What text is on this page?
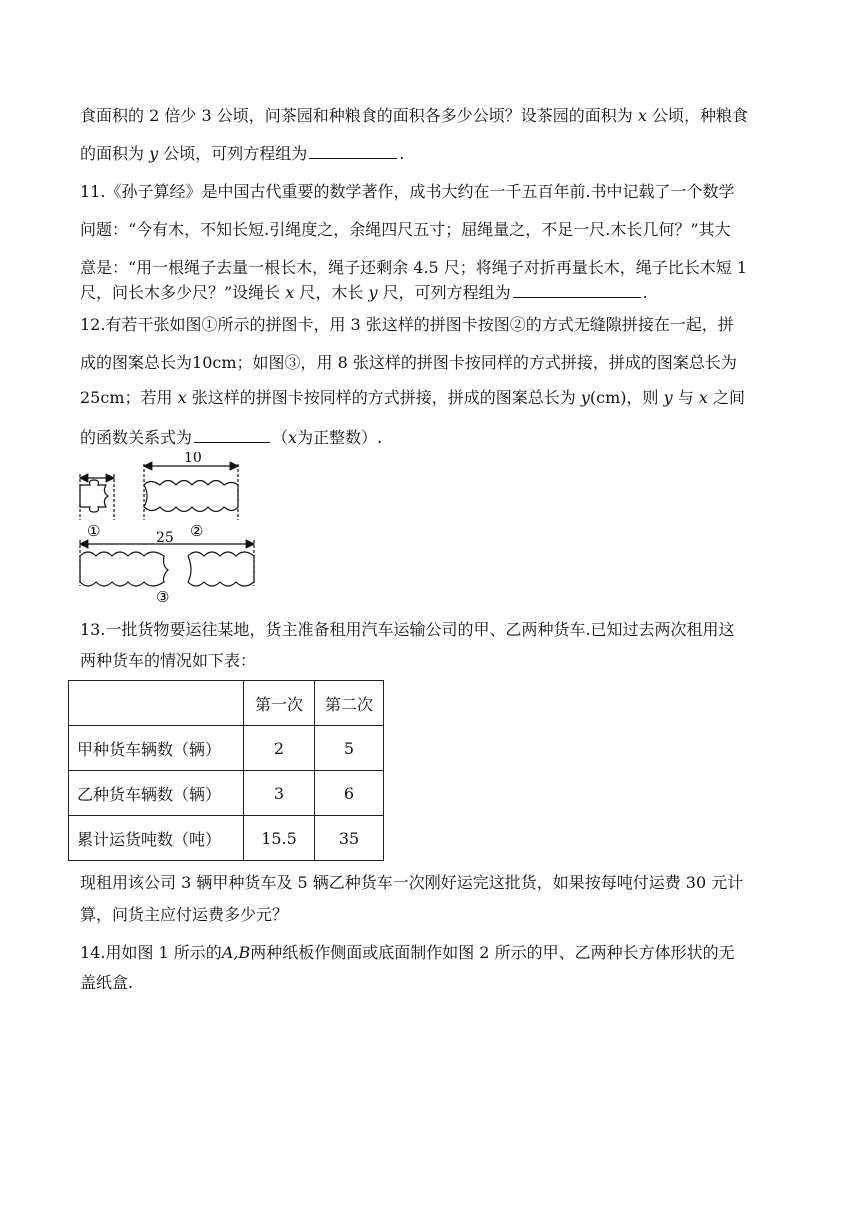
食面积的 2 倍少 3 公顷，问茶园和种粮食的面积各多少公顷？设茶园的面积为 x 公顷，种粮食
的面积为 y 公顷，可列方程组为	.
11.《孙子算经》是中国古代重要的数学著作，成书大约在一千五百年前.书中记载了一个数学
问题：“今有木，不知长短.引绳度之，余绳四尺五寸；屈绳量之，不足一尺.木长几何？”其大
意是：“用一根绳子去量一根长木，绳子还剩余 4.5 尺；将绳子对折再量长木，绳子比长木短 1
尺，问长木多少尺？”设绳长 x 尺，木长 y 尺，可列方程组为	.
12.有若干张如图①所示的拼图卡，用 3 张这样的拼图卡按图②的方式无缝隙拼接在一起，拼
成的图案总长为10cm；如图③，用 8 张这样的拼图卡按同样的方式拼接，拼成的图案总长为
25cm；若用 x 张这样的拼图卡按同样的方式拼接，拼成的图案总长为 y(cm)，则 y 与 x 之间
的函数关系式为	（x为正整数）.
①
10
②
25
③
13.一批货物要运往某地，货主准备租用汽车运输公司的甲、乙两种货车.已知过去两次租用这
两种货车的情况如下表：
	第一次	第二次
甲种货车辆数（辆）	2	5
乙种货车辆数（辆）	3	6
累计运货吨数（吨）	15.5	35
现租用该公司 3 辆甲种货车及 5 辆乙种货车一次刚好运完这批货，如果按每吨付运费 30 元计
算，问货主应付运费多少元？
14.用如图 1 所示的A,B两种纸板作侧面或底面制作如图 2 所示的甲、乙两种长方体形状的无
盖纸盒.
